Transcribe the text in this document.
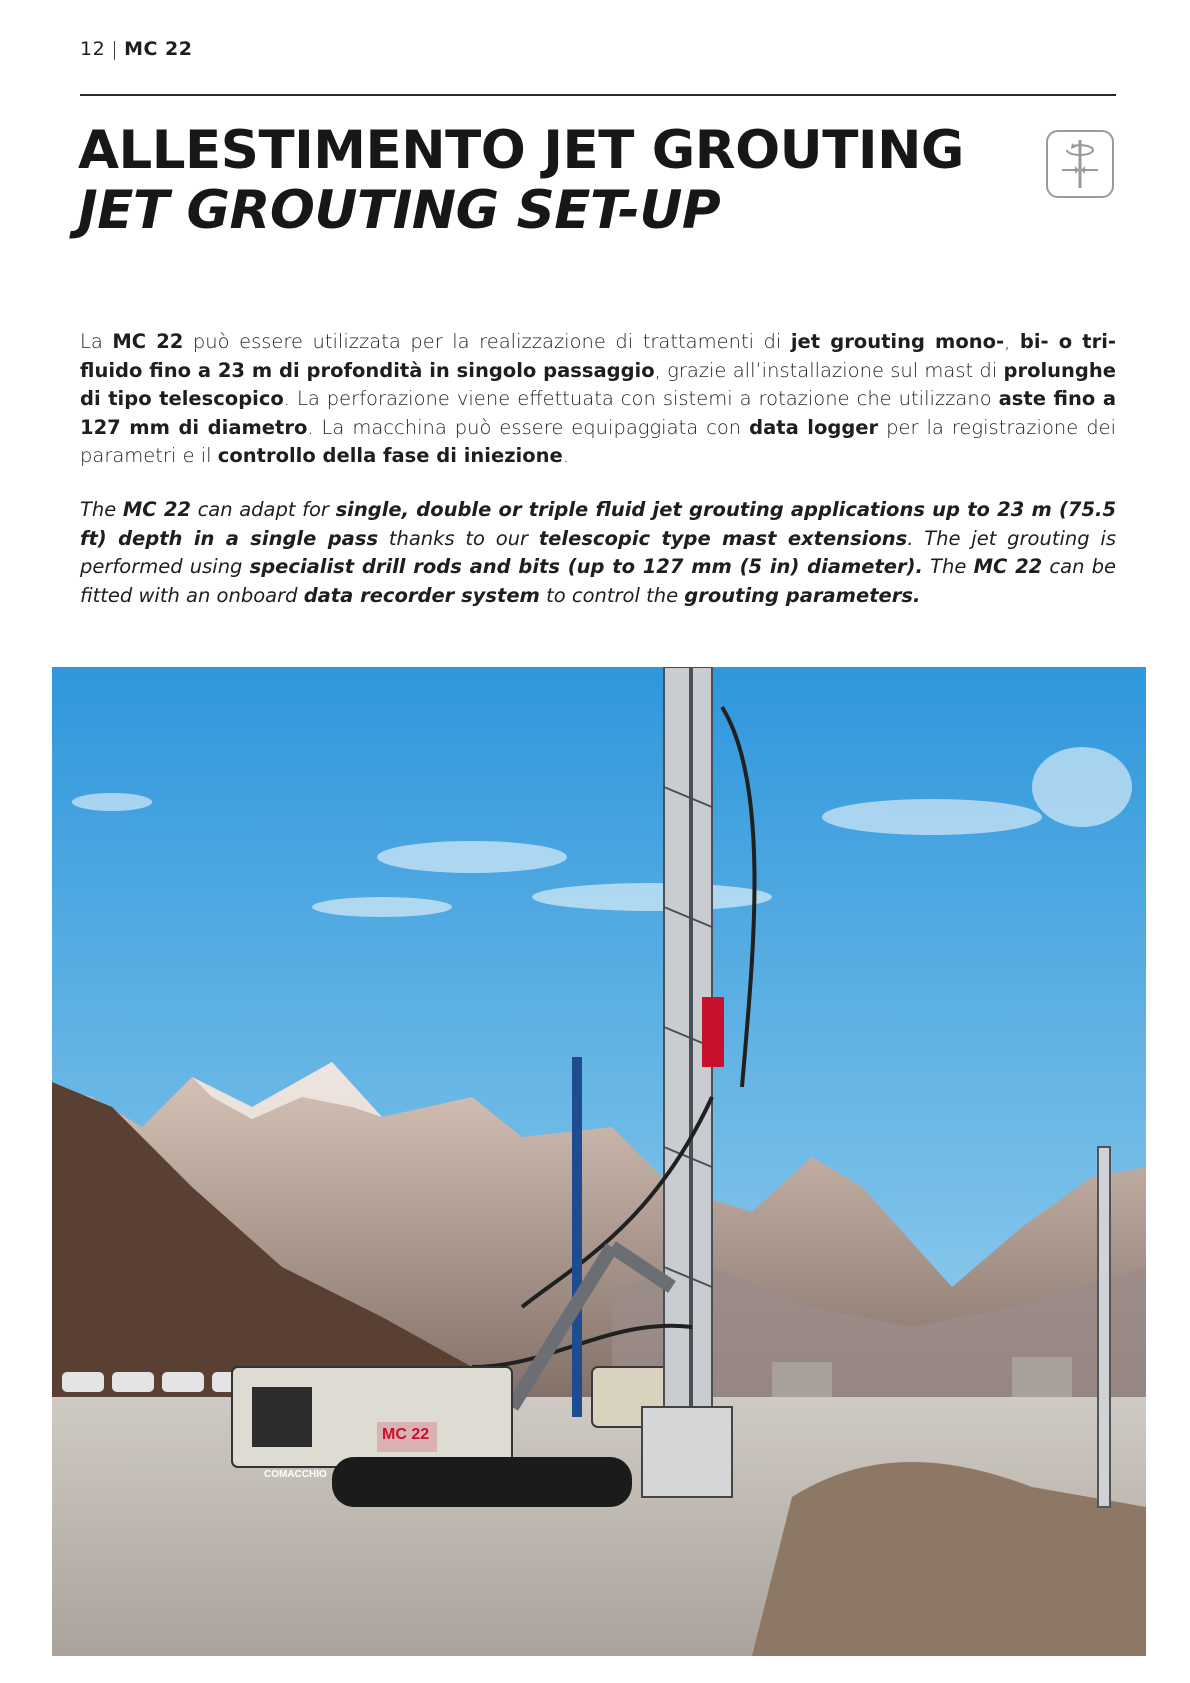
12 | MC 22
ALLESTIMENTO JET GROUTING
JET GROUTING SET-UP

La MC 22 può essere utilizzata per la realizzazione di trattamenti di jet grouting mono-, bi- o tri-fluido fino a 23 m di profondità in singolo passaggio, grazie all’installazione sul mast di prolunghe di tipo telescopico. La perforazione viene effettuata con sistemi a rotazione che utilizzano aste fino a 127 mm di diametro. La macchina può essere equipaggiata con data logger per la registrazione dei parametri e il controllo della fase di iniezione.

The MC 22 can adapt for single, double or triple fluid jet grouting applications up to 23 m (75.5 ft) depth in a single pass thanks to our telescopic type mast extensions. The jet grouting is performed using specialist drill rods and bits (up to 127 mm (5 in) diameter). The MC 22 can be fitted with an onboard data recorder system to control the grouting parameters.

MC 22
COMACCHIO
